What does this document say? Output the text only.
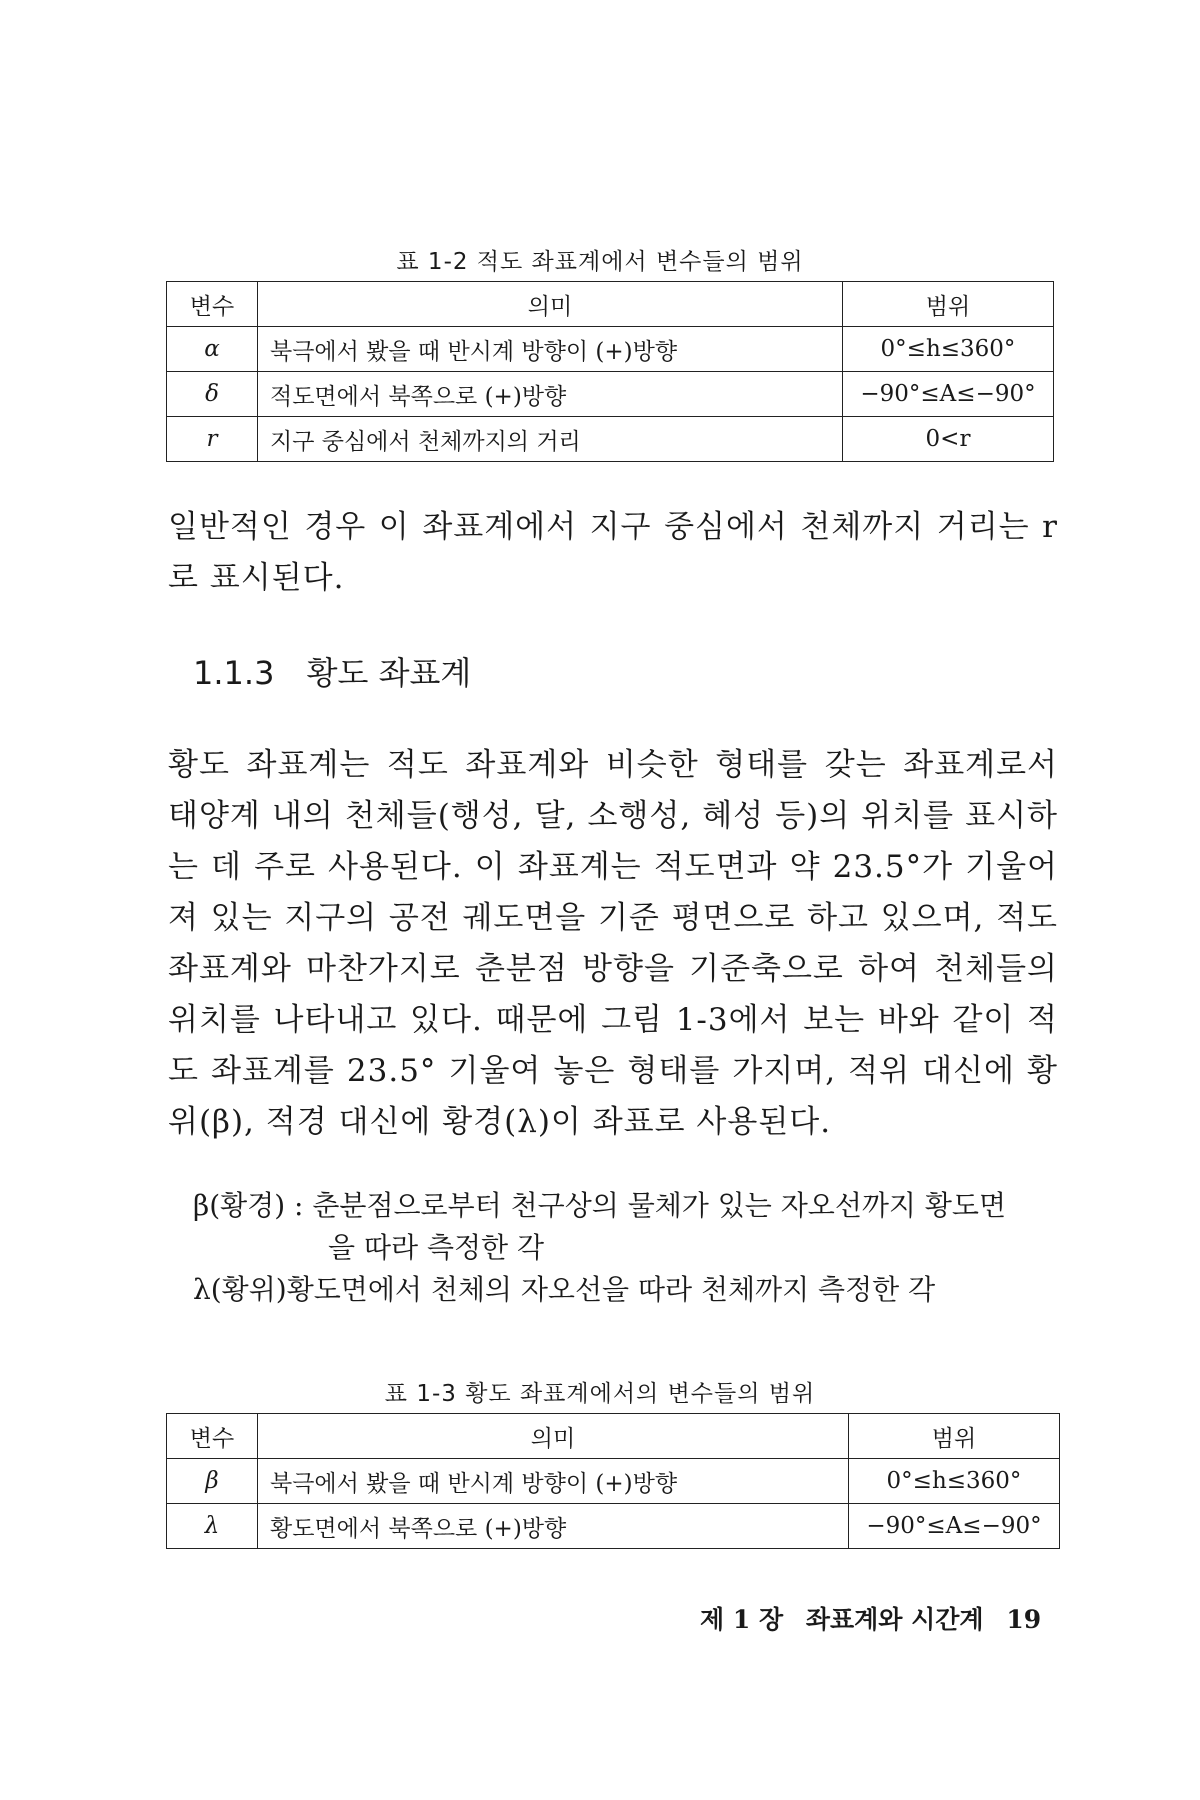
표 1-2 적도 좌표계에서 변수들의 범위
변수	의미	범위
α	북극에서 봤을 때 반시계 방향이 (+)방향	0°≤h≤360°
δ	적도면에서 북쪽으로 (+)방향	−90°≤A≤−90°
r	지구 중심에서 천체까지의 거리	0<r

일반적인 경우 이 좌표계에서 지구 중심에서 천체까지 거리는 r로 표시된다.

1.1.3 황도 좌표계

황도 좌표계는 적도 좌표계와 비슷한 형태를 갖는 좌표계로서 태양계 내의 천체들(행성, 달, 소행성, 혜성 등)의 위치를 표시하는 데 주로 사용된다. 이 좌표계는 적도면과 약 23.5°가 기울어져 있는 지구의 공전 궤도면을 기준 평면으로 하고 있으며, 적도 좌표계와 마찬가지로 춘분점 방향을 기준축으로 하여 천체들의 위치를 나타내고 있다. 때문에 그림 1-3에서 보는 바와 같이 적도 좌표계를 23.5° 기울여 놓은 형태를 가지며, 적위 대신에 황위(β), 적경 대신에 황경(λ)이 좌표로 사용된다.

β(황경) : 춘분점으로부터 천구상의 물체가 있는 자오선까지 황도면
을 따라 측정한 각
λ(황위)황도면에서 천체의 자오선을 따라 천체까지 측정한 각
표 1-3 황도 좌표계에서의 변수들의 범위
변수	의미	범위
β	북극에서 봤을 때 반시계 방향이 (+)방향	0°≤h≤360°
λ	황도면에서 북쪽으로 (+)방향	−90°≤A≤−90°
제 1 장 좌표계와 시간계 19
